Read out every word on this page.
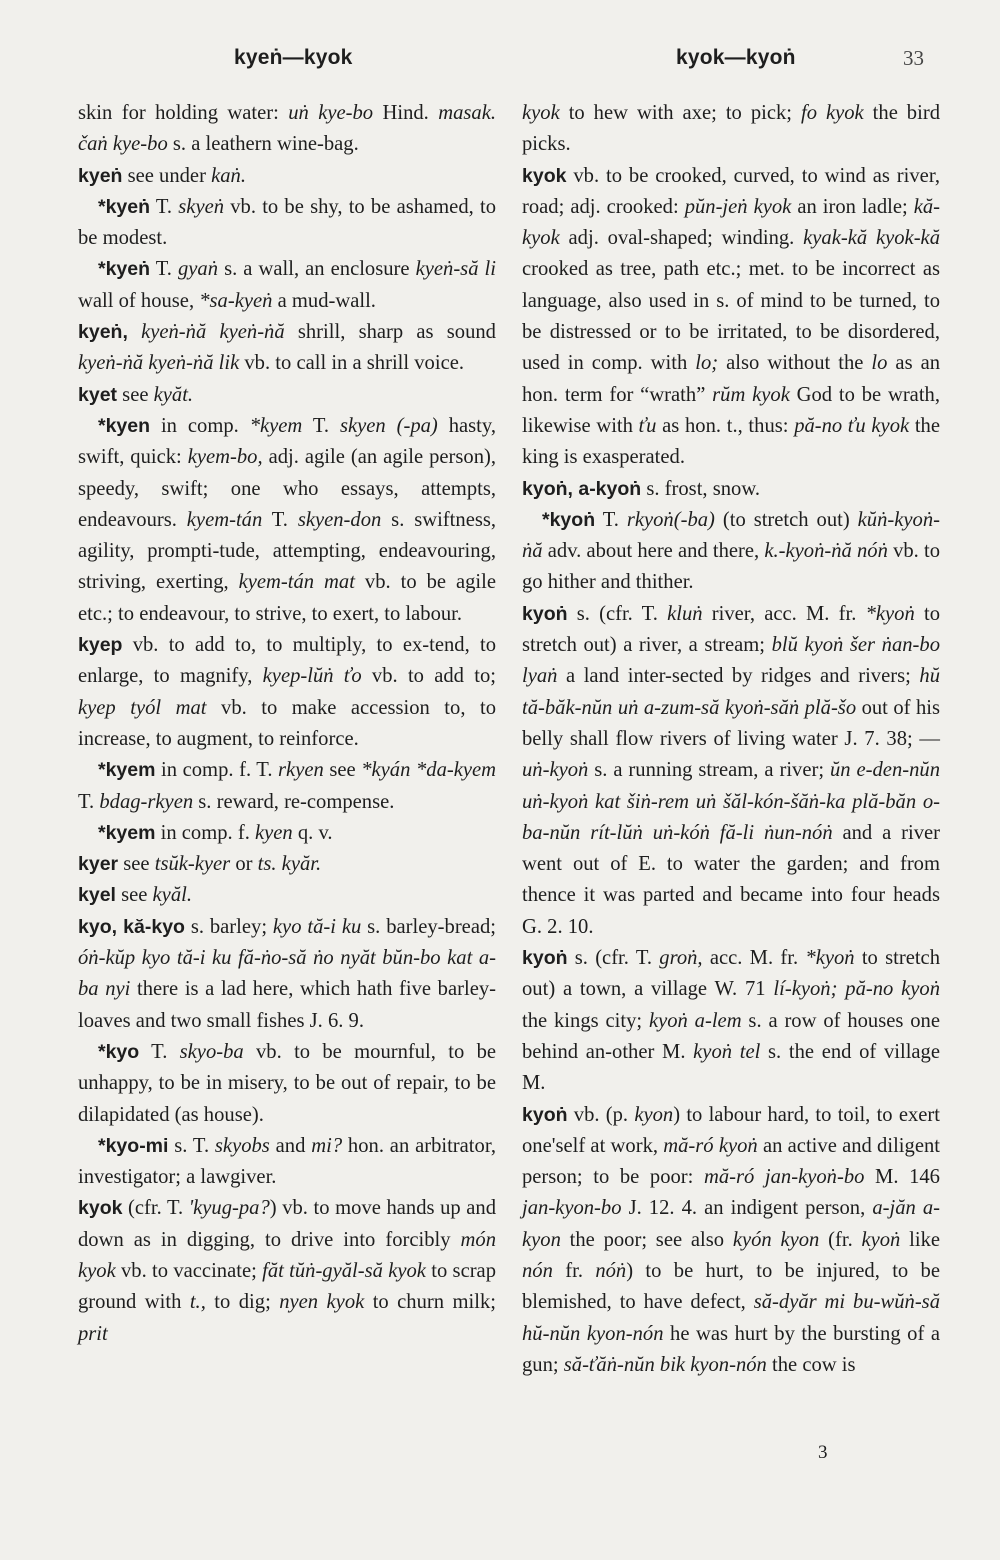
kyeṅ—kyok	kyok—kyoṅ	33

skin for holding water: uṅ kye-bo Hind. masak. čaṅ kye-bo s. a leathern wine-bag.

kyeṅ see under kaṅ.

*kyeṅ T. skyeṅ vb. to be shy, to be ashamed, to be modest.

*kyeṅ T. gyaṅ s. a wall, an enclosure kyeṅ-să li wall of house, *sa-kyeṅ a mud-wall.

kyeṅ, kyeṅ-ṅă kyeṅ-ṅă shrill, sharp as sound kyeṅ-ṅă kyeṅ-ṅă lik vb. to call in a shrill voice.

kyet see kyăt.

*kyen in comp. *kyem T. skyen (-pa) hasty, swift, quick: kyem-bo, adj. agile (an agile person), speedy, swift; one who essays, attempts, endeavours. kyem-tán T. skyen-don s. swiftness, agility, prompti-tude, attempting, endeavouring, striving, exerting, kyem-tán mat vb. to be agile etc.; to endeavour, to strive, to exert, to labour.

kyep vb. to add to, to multiply, to ex-tend, to enlarge, to magnify, kyep-lŭṅ ťo vb. to add to; kyep tyól mat vb. to make accession to, to increase, to augment, to reinforce.

*kyem in comp. f. T. rkyen see *kyán *da-kyem T. bdag-rkyen s. reward, re-compense.

*kyem in comp. f. kyen q. v.

kyer see tsŭk-kyer or ts. kyăr.

kyel see kyăl.

kyo, kă-kyo s. barley; kyo tă-i ku s. barley-bread; óṅ-kŭp kyo tă-i ku fă-ṅo-să ṅo nyăt bŭn-bo kat a-ba nyi there is a lad here, which hath five barley-loaves and two small fishes J. 6. 9.

*kyo T. skyo-ba vb. to be mournful, to be unhappy, to be in misery, to be out of repair, to be dilapidated (as house).

*kyo-mi s. T. skyobs and mi? hon. an arbitrator, investigator; a lawgiver.

kyok (cfr. T. 'kyug-pa?) vb. to move hands up and down as in digging, to drive into forcibly món kyok vb. to vaccinate; făt tŭṅ-gyăl-să kyok to scrap ground with t., to dig; nyen kyok to churn milk; prit

kyok to hew with axe; to pick; fo kyok the bird picks.

kyok vb. to be crooked, curved, to wind as river, road; adj. crooked: pŭn-jeṅ kyok an iron ladle; kă-kyok adj. oval-shaped; winding. kyak-kă kyok-kă crooked as tree, path etc.; met. to be incorrect as language, also used in s. of mind to be turned, to be distressed or to be irritated, to be disordered, used in comp. with lo; also without the lo as an hon. term for “wrath” rŭm kyok God to be wrath, likewise with ťu as hon. t., thus: pă-no ťu kyok the king is exasperated.

kyoṅ, a-kyoṅ s. frost, snow.

*kyoṅ T. rkyoṅ(-ba) (to stretch out) kŭṅ-kyoṅ-ṅă adv. about here and there, k.-kyoṅ-ṅă nóṅ vb. to go hither and thither.

kyoṅ s. (cfr. T. kluṅ river, acc. M. fr. *kyoṅ to stretch out) a river, a stream; blŭ kyoṅ šer ṅan-bo lyaṅ a land inter-sected by ridges and rivers; hŭ tă-băk-nŭn uṅ a-zum-să kyoṅ-săṅ plă-šo out of his belly shall flow rivers of living water J. 7. 38; — uṅ-kyoṅ s. a running stream, a river; ŭn e-den-nŭn uṅ-kyoṅ kat šiṅ-rem uṅ šăl-kón-šăṅ-ka plă-băn o-ba-nŭn rít-lŭṅ uṅ-kóṅ fă-li ṅun-nóṅ and a river went out of E. to water the garden; and from thence it was parted and became into four heads G. 2. 10.

kyoṅ s. (cfr. T. groṅ, acc. M. fr. *kyoṅ to stretch out) a town, a village W. 71 lí-kyoṅ; pă-no kyoṅ the kings city; kyoṅ a-lem s. a row of houses one behind an-other M. kyoṅ tel s. the end of village M.

kyoṅ vb. (p. kyon) to labour hard, to toil, to exert one'self at work, mă-ró kyoṅ an active and diligent person; to be poor: mă-ró jan-kyoṅ-bo M. 146 jan-kyon-bo J. 12. 4. an indigent person, a-jăn a-kyon the poor; see also kyón kyon (fr. kyoṅ like nón fr. nóṅ) to be hurt, to be injured, to be blemished, to have defect, să-dyăr mi bu-wŭṅ-să hŭ-nŭn kyon-nón he was hurt by the bursting of a gun; să-ťăṅ-nŭn bik kyon-nón the cow is

3
